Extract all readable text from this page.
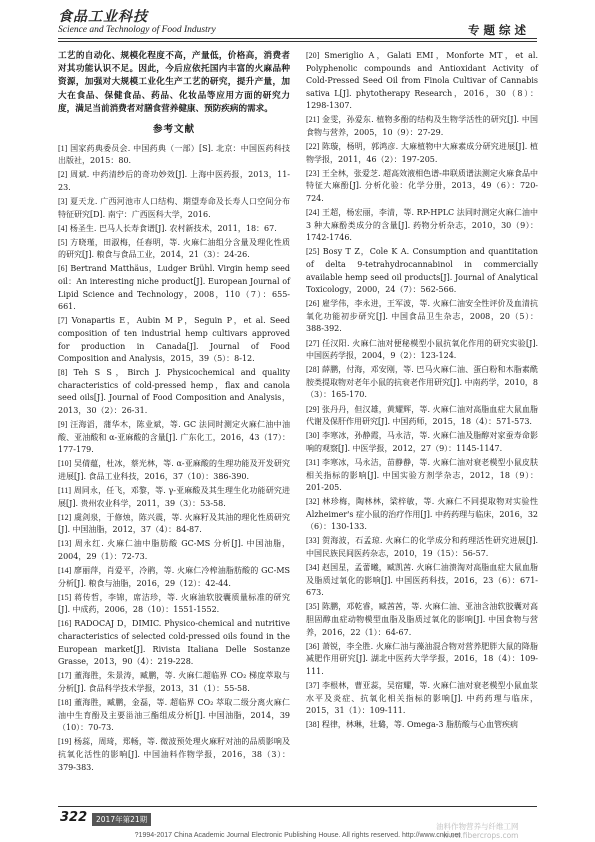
食品工业科技
Science and Technology of Food Industry	专题综述

工艺的自动化、规模化程度不高，产量低，价格高，消费者对其功能认识不足。因此，今后应依托国内丰富的火麻品种资源，加强对大规模工业化生产工艺的研究，提升产量，加大在食品、保健食品、药品、化妆品等应用方面的研究力度，满足当前消费者对膳食营养健康、预防疾病的需求。

参考文献

[1] 国家药典委员会. 中国药典（一部）[S]. 北京：中国医药科技出版社，2015：80.

[2] 周斌. 中药清纱后的奇功妙效[J]. 上海中医药报，2013，11-23.

[3] 夏天龙. 广西河池市人口结构、期望寿命及长寿人口空间分布特征研究[D]. 南宁：广西医科大学，2016.

[4] 杨圣生. 巴马人长寿食谱[J]. 农村新技术，2011，18：67.

[5] 方晓瑾，田淑梅，任春明，等. 火麻仁油组分含量及理化性质的研究[J]. 粮食与食品工业，2014，21（3）：24-26.

[6] Bertrand Matthäus，Ludger Brühl. Virgin hemp seed oil：An interesting niche product[J]. European Journal of Lipid Science and Technology，2008，110（7）：655-661.

[7] Vonapartis E，Aubin M P，Seguin P，et al. Seed composition of ten industrial hemp cultivars approved for production in Canada[J]. Journal of Food Composition and Analysis，2015，39（5）：8-12.

[8] Teh S S，Birch J. Physicochemical and quality characteristics of cold-pressed hemp，flax and canola seed oils[J]. Journal of Food Composition and Analysis，2013，30（2）：26-31.

[9] 汪海滔，蒲华木，陈业斌，等. GC 法同时测定火麻仁油中油酸、亚油酸和 α-亚麻酸的含量[J]. 广东化工，2016，43（17）：177-179.

[10] 吴倩蕴，杜冰，蔡光林，等. α-亚麻酸的生理功能及开发研究进展[J]. 食品工业科技，2016，37（10）：386-390.

[11] 周同永，任飞，邓黎，等. γ-亚麻酸及其生理生化功能研究进展[J]. 贵州农业科学，2011，39（3）：53-58.

[12] 虞剑泉，于修烛，陈兴震，等. 火麻籽及其油的理化性质研究[J]. 中国油脂，2012，37（4）：84-87.

[13] 周永红. 火麻仁油中脂肪酸 GC-MS 分析[J]. 中国油脂，2004，29（1）：72-73.

[14] 廖丽萍，肖爱平，冷鹃，等. 火麻仁冷榨油脂肪酸的 GC-MS 分析[J]. 粮食与油脂，2016，29（12）：42-44.

[15] 蒋传哲，李锦，席洁珍，等. 火麻油软胶囊质量标准的研究[J]. 中成药，2006，28（10）：1551-1552.

[16] RADOCAJ D，DIMIC. Physico-chemical and nutritive characteristics of selected cold-pressed oils found in the European market[J]. Rivista Italiana Delle Sostanze Grasse，2013，90（4）：219-228.

[17] 董海胜，朱景涛，臧鹏，等. 火麻仁超临界 CO₂ 梯度萃取与分析[J]. 食品科学技术学报，2013，31（1）：55-58.

[18] 董海胜，臧鹏，金磊，等. 超临界 CO₂ 萃取二级分离火麻仁油中生育酚及主要甾油三酯组成分析[J]. 中国油脂，2014，39（10）：70-73.

[19] 杨蕊，周琦，郑畅，等. 微波预处理火麻籽对油的品质影响及抗氧化活性的影响[J]. 中国油料作物学报，2016，38（3）：379-383.

[20] Smeriglio A，Galati EMI，Monforte MT，et al. Polyphenolic compounds and Antioxidant Activity of Cold-Pressed Seed Oil from Finola Cultivar of Cannabis sativa L[J]. phytotherapy Research，2016，30（8）：1298-1307.

[21] 金雯，孙爱东. 植物多酚的结构及生物学活性的研究[J]. 中国食物与营养，2005，10（9）：27-29.

[22] 陈璇，杨明，郭鸿彦. 大麻植物中大麻素成分研究进展[J]. 植物学报，2011，46（2）：197-205.

[23] 王全林，张爱芝. 超高效液相色谱-串联质谱法测定火麻食品中特征大麻酚[J]. 分析化验：化学分册，2013，49（6）：720-724.

[24] 王超，杨宏丽，李清，等. RP-HPLC 法同时测定火麻仁油中 3 种大麻酚类成分的含量[J]. 药物分析杂志，2010，30（9）：1742-1746.

[25] Bosy T Z，Cole K A. Consumption and quantitation of delta 9-tetrahydrocannabinol in commercially available hemp seed oil products[J]. Journal of Analytical Toxicology，2000，24（7）：562-566.

[26] 雇学伟，李永进，王军波，等. 火麻仁油安全性评价及血清抗氧化功能初步研究[J]. 中国食品卫生杂志，2008，20（5）：388-392.

[27] 任汉阳. 火麻仁油对便秘模型小鼠抗氧化作用的研究实验[J]. 中国医药学报，2004，9（2）：123-124.

[28] 薛鹏，付海，邓安刚，等. 巴马火麻仁油、蛋白粉和木脂素酰胺类提取物对老年小鼠的抗衰老作用研究[J]. 中南药学，2010，8（3）：165-170.

[29] 张丹丹，但汉雄，黄耀辉，等. 火麻仁油对高脂血症大鼠血脂代谢及保肝作用研究[J]. 中国药师，2015，18（4）：571-573.

[30] 李寒冰，孙静霞，马永洁，等. 火麻仁油及脂醇对家蚕寿命影响的观察[J]. 中医学报，2012，27（9）：1145-1147.

[31] 李寒冰，马永洁，苗静静，等. 火麻仁油对衰老模型小鼠皮肤相关指标的影响[J]. 中国实验方剂学杂志，2012，18（9）：201-205.

[32] 林珍梅，陶林林，梁梓敏，等. 火麻仁不同提取物对实验性 Alzheimer's 症小鼠的治疗作用[J]. 中药药理与临床，2016，32（6）：130-133.

[33] 贺海波，石孟琼. 火麻仁的化学成分和药理活性研究进展[J]. 中国民族民间医药杂志，2010，19（15）：56-57.

[34] 赵国星，孟蕾曦，臧凯茜. 火麻仁油溃淘对高脂血症大鼠血脂及脂质过氧化的影响[J]. 中国医药科技，2016，23（6）：671-673.

[35] 陈鹏，邓乾睿，臧茜茜，等. 火麻仁油、亚油含油软胶囊对高胆固醇血症动物模型血脂及脂质过氧化的影响[J]. 中国食物与营养，2016，22（1）：64-67.

[36] 萧锐，李全胜. 火麻仁油与藻油混合物对营养肥胖大鼠的降脂减肥作用研究[J]. 湖北中医药大学学报，2016，18（4）：109-111.

[37] 李根林，曹亚蕊，吴宿耀，等. 火麻仁油对衰老模型小鼠血浆水平及炎症、抗氧化相关指标的影响[J]. 中药药理与临床，2015，31（1）：109-111.

[38] 程律，林琳，壮璐，等. Omega-3 脂肪酸与心血管疾病

322	2017年第21期
油料作物营养与纤维工网
www.fibercrops.com
?1994-2017 China Academic Journal Electronic Publishing House. All rights reserved. http://www.cnki.net
